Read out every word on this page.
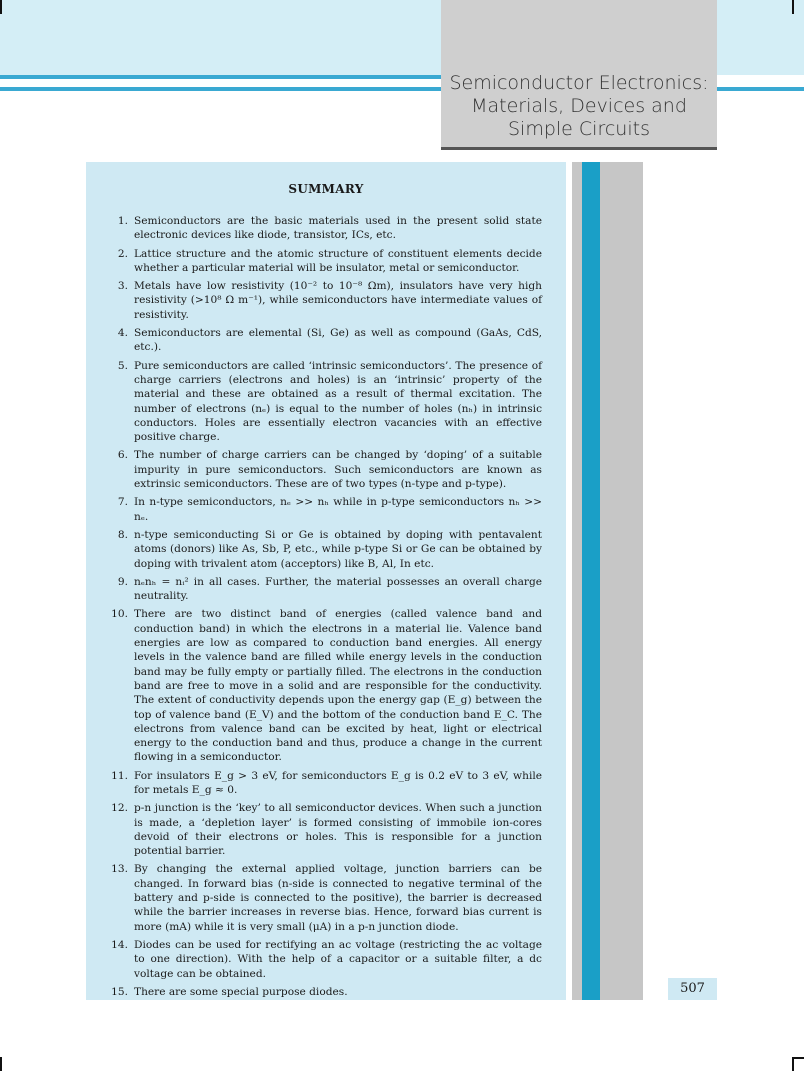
Semiconductor Electronics:
Materials, Devices and
Simple Circuits
SUMMARY
1. Semiconductors are the basic materials used in the present solid state electronic devices like diode, transistor, ICs, etc.
2. Lattice structure and the atomic structure of constituent elements decide whether a particular material will be insulator, metal or semiconductor.
3. Metals have low resistivity (10⁻² to 10⁻⁸ Ωm), insulators have very high resistivity (>10⁸ Ω m⁻¹), while semiconductors have intermediate values of resistivity.
4. Semiconductors are elemental (Si, Ge) as well as compound (GaAs, CdS, etc.).
5. Pure semiconductors are called ‘intrinsic semiconductors’. The presence of charge carriers (electrons and holes) is an ‘intrinsic’ property of the material and these are obtained as a result of thermal excitation. The number of electrons (nₑ) is equal to the number of holes (nₕ) in intrinsic conductors. Holes are essentially electron vacancies with an effective positive charge.
6. The number of charge carriers can be changed by ‘doping’ of a suitable impurity in pure semiconductors. Such semiconductors are known as extrinsic semiconductors. These are of two types (n-type and p-type).
7. In n-type semiconductors, nₑ >> nₕ while in p-type semiconductors nₕ >> nₑ.
8. n-type semiconducting Si or Ge is obtained by doping with pentavalent atoms (donors) like As, Sb, P, etc., while p-type Si or Ge can be obtained by doping with trivalent atom (acceptors) like B, Al, In etc.
9. nₑnₕ = nᵢ² in all cases. Further, the material possesses an overall charge neutrality.
10. There are two distinct band of energies (called valence band and conduction band) in which the electrons in a material lie. Valence band energies are low as compared to conduction band energies. All energy levels in the valence band are filled while energy levels in the conduction band may be fully empty or partially filled. The electrons in the conduction band are free to move in a solid and are responsible for the conductivity. The extent of conductivity depends upon the energy gap (E_g) between the top of valence band (E_V) and the bottom of the conduction band E_C. The electrons from valence band can be excited by heat, light or electrical energy to the conduction band and thus, produce a change in the current flowing in a semiconductor.
11. For insulators E_g > 3 eV, for semiconductors E_g is 0.2 eV to 3 eV, while for metals E_g ≈ 0.
12. p-n junction is the ‘key’ to all semiconductor devices. When such a junction is made, a ‘depletion layer’ is formed consisting of immobile ion-cores devoid of their electrons or holes. This is responsible for a junction potential barrier.
13. By changing the external applied voltage, junction barriers can be changed. In forward bias (n-side is connected to negative terminal of the battery and p-side is connected to the positive), the barrier is decreased while the barrier increases in reverse bias. Hence, forward bias current is more (mA) while it is very small (μA) in a p-n junction diode.
14. Diodes can be used for rectifying an ac voltage (restricting the ac voltage to one direction). With the help of a capacitor or a suitable filter, a dc voltage can be obtained.
15. There are some special purpose diodes.	507
